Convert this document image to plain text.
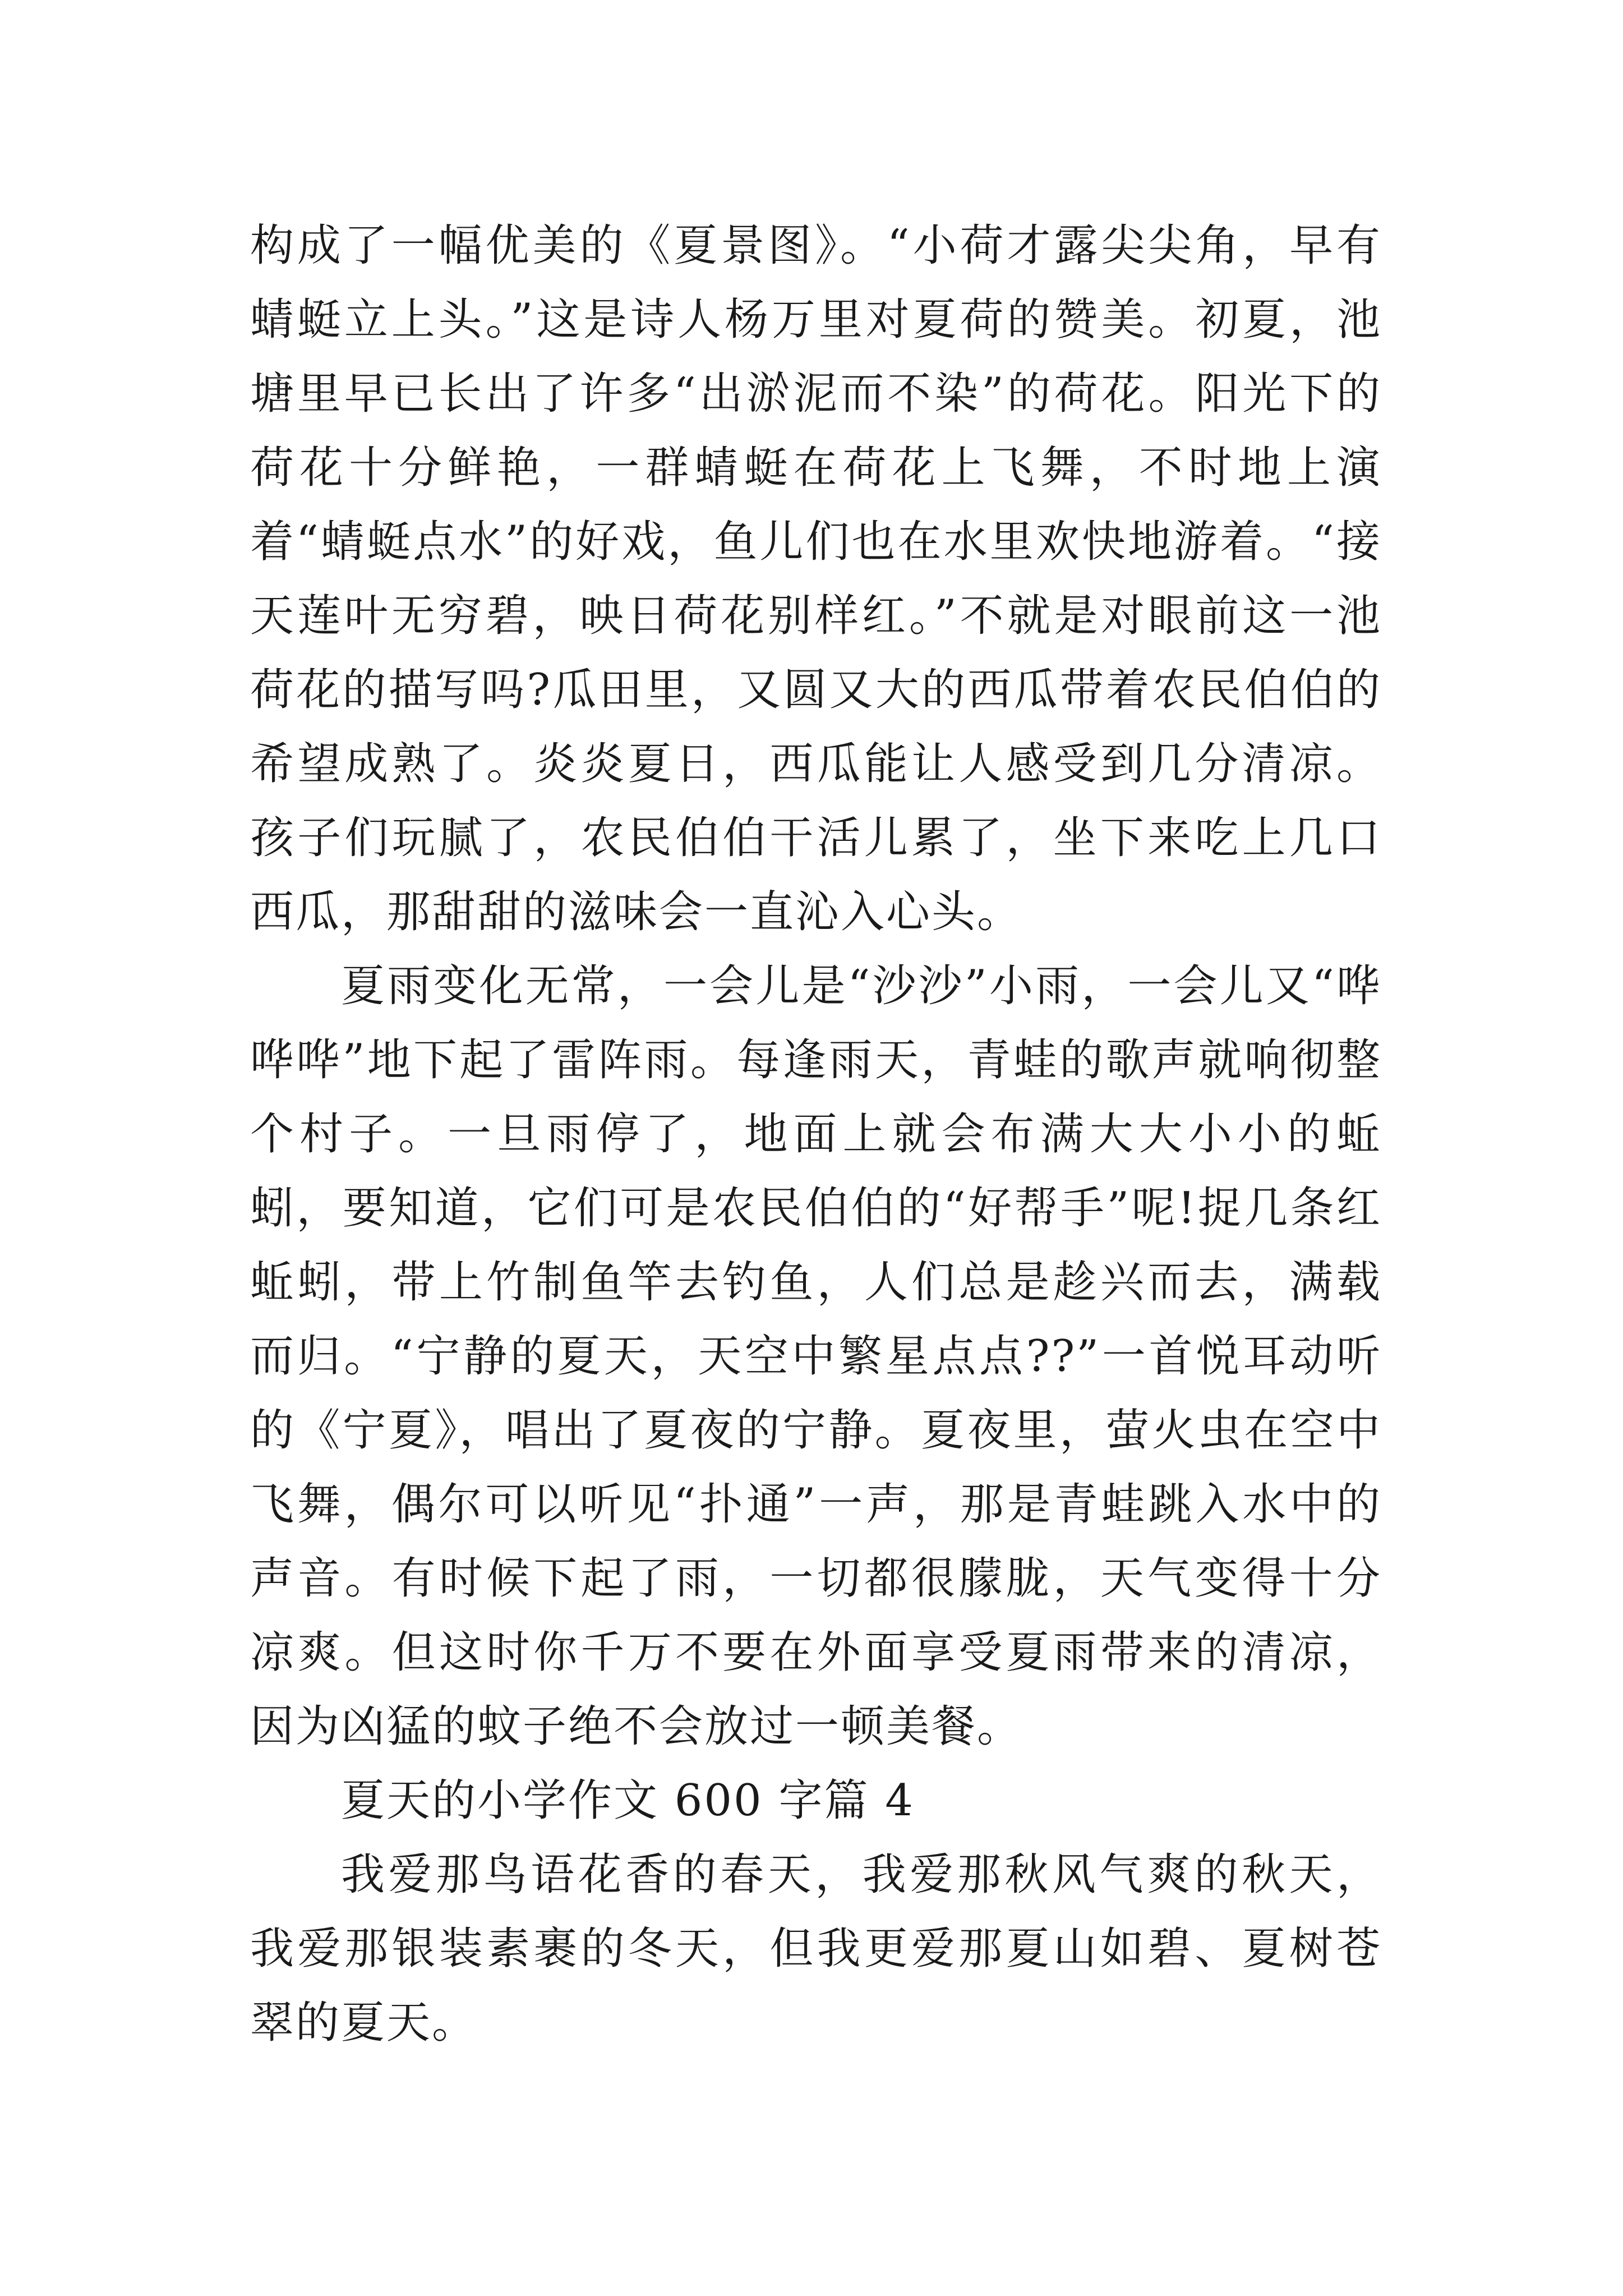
构成了一幅优美的《夏景图》。“小荷才露尖尖角，早有蜻蜓立上头。”这是诗人杨万里对夏荷的赞美。初夏，池塘里早已长出了许多“出淤泥而不染”的荷花。阳光下的荷花十分鲜艳，一群蜻蜓在荷花上飞舞，不时地上演着“蜻蜓点水”的好戏，鱼儿们也在水里欢快地游着。“接天莲叶无穷碧，映日荷花别样红。”不就是对眼前这一池荷花的描写吗?瓜田里，又圆又大的西瓜带着农民伯伯的希望成熟了。炎炎夏日，西瓜能让人感受到几分清凉。孩子们玩腻了，农民伯伯干活儿累了，坐下来吃上几口西瓜，那甜甜的滋味会一直沁入心头。

夏雨变化无常，一会儿是“沙沙”小雨，一会儿又“哗哗哗”地下起了雷阵雨。每逢雨天，青蛙的歌声就响彻整个村子。一旦雨停了，地面上就会布满大大小小的蚯蚓，要知道，它们可是农民伯伯的“好帮手”呢!捉几条红蚯蚓，带上竹制鱼竿去钓鱼，人们总是趁兴而去，满载而归。“宁静的夏天，天空中繁星点点??”一首悦耳动听的《宁夏》，唱出了夏夜的宁静。夏夜里，萤火虫在空中飞舞，偶尔可以听见“扑通”一声，那是青蛙跳入水中的声音。有时候下起了雨，一切都很朦胧，天气变得十分凉爽。但这时你千万不要在外面享受夏雨带来的清凉，因为凶猛的蚊子绝不会放过一顿美餐。

夏天的小学作文 600 字篇 4

我爱那鸟语花香的春天，我爱那秋风气爽的秋天，我爱那银装素裹的冬天，但我更爱那夏山如碧、夏树苍翠的夏天。
